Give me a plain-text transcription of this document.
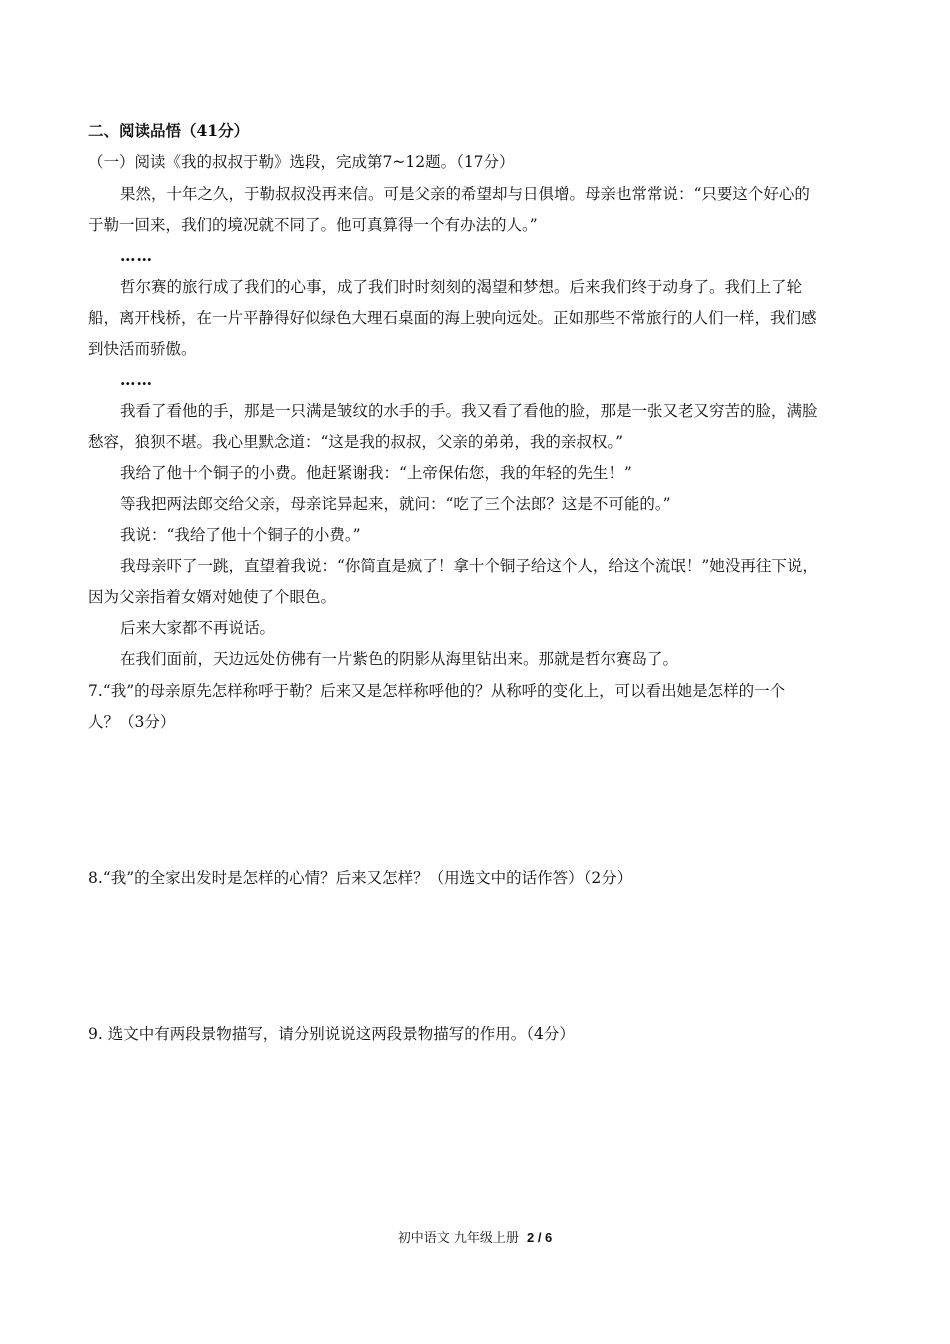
二、阅读品悟（41分）
（一）阅读《我的叔叔于勒》选段，完成第7~12题。（17分）
果然，十年之久，于勒叔叔没再来信。可是父亲的希望却与日俱增。母亲也常常说：“只要这个好心的
于勒一回来，我们的境况就不同了。他可真算得一个有办法的人。”
……
哲尔赛的旅行成了我们的心事，成了我们时时刻刻的渴望和梦想。后来我们终于动身了。我们上了轮
船，离开栈桥，在一片平静得好似绿色大理石桌面的海上驶向远处。正如那些不常旅行的人们一样，我们感
到快活而骄傲。
……
我看了看他的手，那是一只满是皱纹的水手的手。我又看了看他的脸，那是一张又老又穷苦的脸，满脸
愁容，狼狈不堪。我心里默念道：“这是我的叔叔，父亲的弟弟，我的亲叔权。”
我给了他十个铜子的小费。他赶紧谢我：“上帝保佑您，我的年轻的先生！”
等我把两法郎交给父亲，母亲诧异起来，就问：“吃了三个法郎？这是不可能的。”
我说：“我给了他十个铜子的小费。”
我母亲吓了一跳，直望着我说：“你简直是疯了！拿十个铜子给这个人，给这个流氓！”她没再往下说，
因为父亲指着女婿对她使了个眼色。
后来大家都不再说话。
在我们面前，天边远处仿佛有一片紫色的阴影从海里钻出来。那就是哲尔赛岛了。
7.“我”的母亲原先怎样称呼于勒？后来又是怎样称呼他的？从称呼的变化上，可以看出她是怎样的一个
人？（3分）
8.“我”的全家出发时是怎样的心情？后来又怎样？（用选文中的话作答）（2分）
9. 选文中有两段景物描写，请分别说说这两段景物描写的作用。（4分）
初中语文 九年级上册 2 / 6
